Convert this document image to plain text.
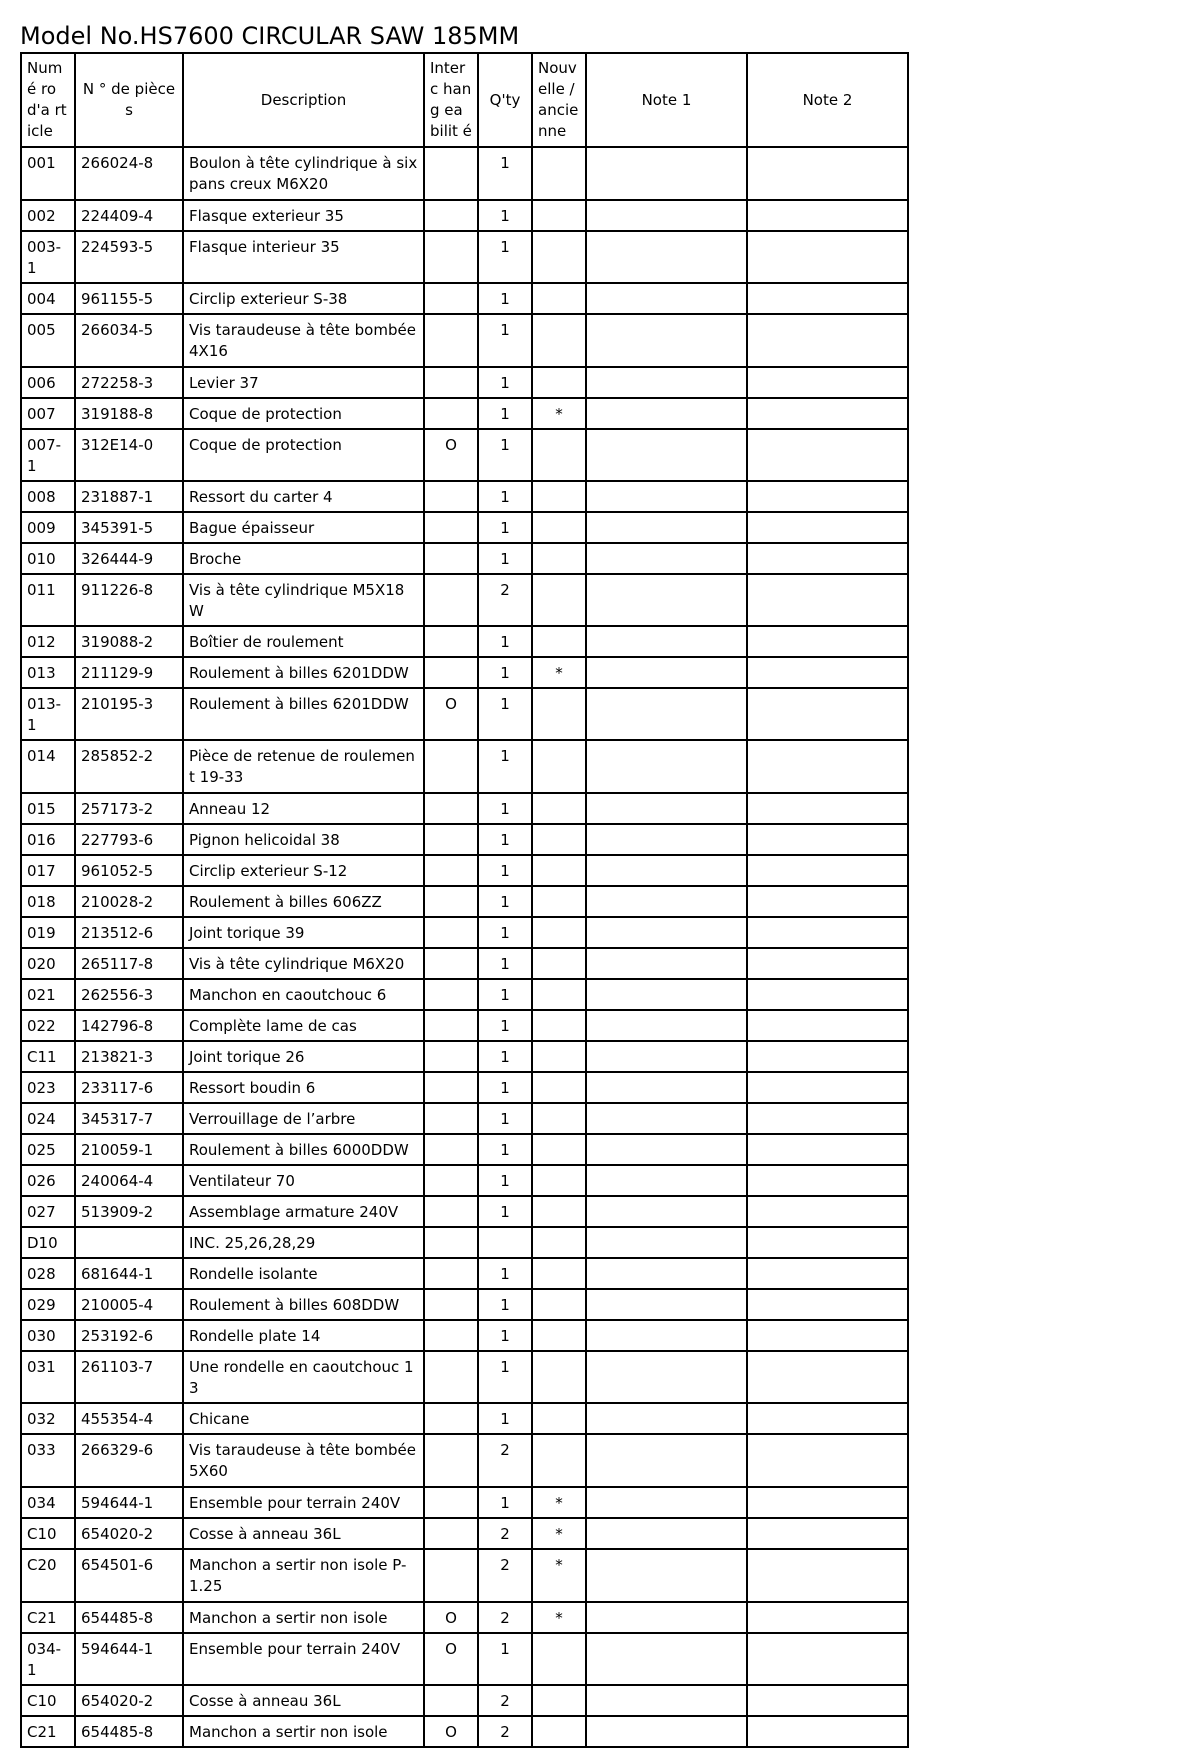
Model No.HS7600 CIRCULAR SAW 185MM
Numé ro d'a rticle	N ° de pièces	Description	Interc hang eabilit é	Q'ty	Nouv elle / ancie nne	Note 1	Note 2
001	266024-8	Boulon à tête cylindrique à six pans creux M6X20		1			
002	224409-4	Flasque exterieur 35		1			
003-1	224593-5	Flasque interieur 35		1			
004	961155-5	Circlip exterieur S-38		1			
005	266034-5	Vis taraudeuse à tête bombée 4X16		1			
006	272258-3	Levier 37		1			
007	319188-8	Coque de protection		1	*		
007-1	312E14-0	Coque de protection	O	1			
008	231887-1	Ressort du carter 4		1			
009	345391-5	Bague épaisseur		1			
010	326444-9	Broche		1			
011	911226-8	Vis à tête cylindrique M5X18 W		2			
012	319088-2	Boîtier de roulement		1			
013	211129-9	Roulement à billes 6201DDW		1	*		
013-1	210195-3	Roulement à billes 6201DDW	O	1			
014	285852-2	Pièce de retenue de roulement 19-33		1			
015	257173-2	Anneau 12		1			
016	227793-6	Pignon helicoidal 38		1			
017	961052-5	Circlip exterieur S-12		1			
018	210028-2	Roulement à billes 606ZZ		1			
019	213512-6	Joint torique 39		1			
020	265117-8	Vis à tête cylindrique M6X20		1			
021	262556-3	Manchon en caoutchouc 6		1			
022	142796-8	Complète lame de cas		1			
C11	213821-3	Joint torique 26		1			
023	233117-6	Ressort boudin 6		1			
024	345317-7	Verrouillage de l’arbre		1			
025	210059-1	Roulement à billes 6000DDW		1			
026	240064-4	Ventilateur 70		1			
027	513909-2	Assemblage armature 240V		1			
D10		INC. 25,26,28,29					
028	681644-1	Rondelle isolante		1			
029	210005-4	Roulement à billes 608DDW		1			
030	253192-6	Rondelle plate 14		1			
031	261103-7	Une rondelle en caoutchouc 13		1			
032	455354-4	Chicane		1			
033	266329-6	Vis taraudeuse à tête bombée 5X60		2			
034	594644-1	Ensemble pour terrain 240V		1	*		
C10	654020-2	Cosse à anneau 36L		2	*		
C20	654501-6	Manchon a sertir non isole P-1.25		2	*		
C21	654485-8	Manchon a sertir non isole	O	2	*		
034-1	594644-1	Ensemble pour terrain 240V	O	1			
C10	654020-2	Cosse à anneau 36L		2			
C21	654485-8	Manchon a sertir non isole	O	2			
